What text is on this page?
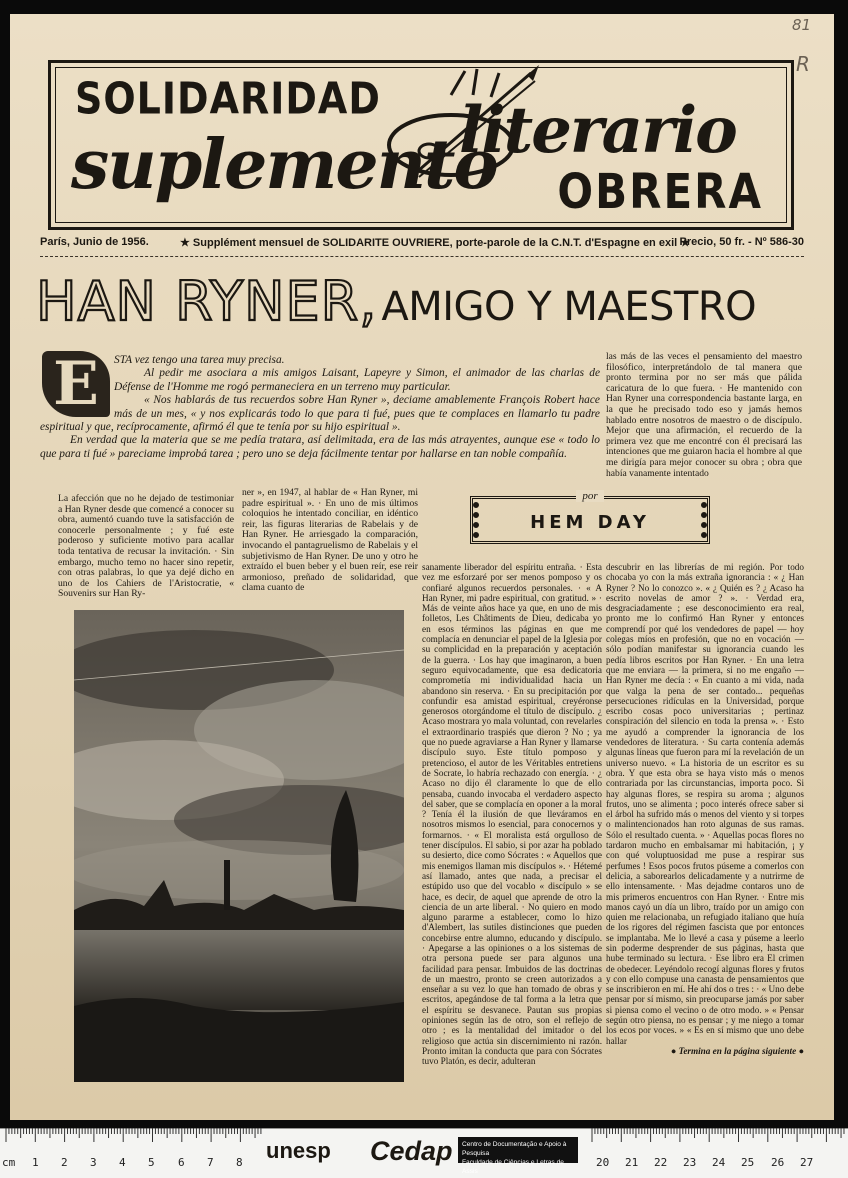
81
R
SOLIDARIDAD
suplemento
literario
OBRERA
París, Junio de 1956.	★ Supplément mensuel de SOLIDARITE OUVRIERE, porte-parole de la C.N.T. d'Espagne en exil ★
Precio, 50 fr. - Nº 586-30
HAN RYNER, AMIGO Y MAESTRO
E	STA vez tengo una tarea muy precisa.

Al pedir me asociara a mis amigos Laisant, Lapeyre y Simon, el animador de las charlas de Défense de l'Homme me rogó permaneciera en un terreno muy particular.

« Nos hablarás de tus recuerdos sobre Han Ryner », deciame amablemente François Robert hace más de un mes, « y nos explicarás todo lo que para ti fué, pues que te complaces en llamarlo tu padre espiritual y que, recíprocamente, afirmó él que te tenía por su hijo espiritual ».

En verdad que la materia que se me pedía tratara, así delimitada, era de las más atrayentes, aunque ese « todo lo que para ti fué » pareciame improbá tarea ; pero uno se deja fácilmente tentar por hallarse en tan noble compañía.

las más de las veces el pensamiento del maestro filosófico, interpretándolo de tal manera que pronto termina por no ser más que pálida caricatura de lo que fuera. · He mantenido con Han Ryner una correspondencia bastante larga, en la que he precisado todo eso y jamás hemos hablado entre nosotros de maestro o de discípulo. Mejor que una afirmación, el recuerdo de la primera vez que me encontré con él precisará las intenciones que me guiaron hacia el hombre al que me dirigía para mejor conocer su obra ; obra que había vanamente intentado

por
HEM DAY

La afección que no he dejado de testimoniar a Han Ryner desde que comencé a conocer su obra, aumentó cuando tuve la satisfacción de conocerle personalmente ; y fué este poderoso y suficiente motivo para acallar toda tentativa de recusar la invitación. · Sin embargo, mucho temo no hacer sino repetir, con otras palabras, lo que ya dejé dicho en uno de los Cahiers de l'Aristocratie, « Souvenirs sur Han Ry-

ner », en 1947, al hablar de « Han Ryner, mi padre espiritual ». · En uno de mis últimos coloquios he intentado conciliar, en idéntico reir, las figuras literarias de Rabelais y de Han Ryner. He arriesgado la comparación, invocando el pantagruelismo de Rabelais y el subjetivismo de Han Ryner. De uno y otro he extraído el buen beber y el buen reír, ese reir armonioso, preñado de solidaridad, que clama cuanto de

sanamente liberador del espíritu entraña. · Esta vez me esforzaré por ser menos pomposo y os confiaré algunos recuerdos personales. · « A Han Ryner, mi padre espiritual, con gratitud. » · Más de veinte años hace ya que, en uno de mis folletos, Les Châtiments de Dieu, dedicaba yo en esos términos las páginas en que me complacía en denunciar el papel de la Iglesia por su complicidad en la preparación y aceptación de la guerra. · Los hay que imaginaron, a buen seguro equivocadamente, que esa dedicatoria comprometía mi individualidad hacia un abandono sin reserva. · En su precipitación por confundir esa amistad espiritual, creyéronse generosos otorgándome el título de discípulo. ¿ Acaso mostrara yo mala voluntad, con revelarles el extraordinario traspiés que dieron ? No ; ya que no puede agraviarse a Han Ryner y llamarse discípulo suyo. Este título pomposo y pretencioso, el autor de les Véritables entretiens de Socrate, lo habría rechazado con energía. · ¿ Acaso no dijo él claramente lo que de ello pensaba, cuando invocaba el verdadero aspecto del saber, que se complacía en oponer a la moral ? Tenía él la ilusión de que lleváramos en nosotros mismos lo esencial, para conocernos y formarnos. · « El moralista está orgulloso de tener discípulos. El sabio, si por azar ha poblado su desierto, dice como Sócrates : « Aquellos que mis enemigos llaman mis discípulos ». · Hétemé así llamado, antes que nada, a precisar el estúpido uso que del vocablo « discípulo » se hace, es decir, de aquel que aprende de otro la ciencia de un arte liberal. · No quiero en modo alguno pararme a establecer, como lo hizo d'Alembert, las sutiles distinciones que pueden concebirse entre alumno, educando y discípulo. · Apegarse a las opiniones o a los sistemas de otra persona puede ser para algunos una facilidad para pensar. Imbuidos de las doctrinas de un maestro, pronto se creen autorizados a enseñar a su vez lo que han tomado de obras y escritos, apegándose de tal forma a la letra que el espíritu se desvanece. Pautan sus propias opiniones según las de otro, son el reflejo de otro ; es la mentalidad del imitador o del religioso que actúa sin discernimiento ni razón. Pronto imitan la conducta que para con Sócrates tuvo Platón, es decir, adulteran

descubrir en las librerías de mi región. Por todo chocaba yo con la más extraña ignorancia : « ¿ Han Ryner ? No lo conozco ». « ¿ Quién es ? ¿ Acaso ha escrito novelas de amor ? ». · Verdad era, desgraciadamente ; ese desconocimiento era real, pronto me lo confirmó Han Ryner y entonces comprendí por qué los vendedores de papel — hoy colegas míos en profesión, que no en vocación — sólo podían manifestar su ignorancia cuando les pedía libros escritos por Han Ryner. · En una letra que me enviara — la primera, si no me engaño — Han Ryner me decía : « En cuanto a mi vida, nada que valga la pena de ser contado... pequeñas persecuciones ridículas en la Universidad, porque escribo cosas poco universitarias ; pertinaz conspiración del silencio en toda la prensa ». · Esto me ayudó a comprender la ignorancia de los vendedores de literatura. · Su carta contenía además algunas líneas que fueron para mí la revelación de un universo nuevo. « La historia de un escritor es su obra. Y que esta obra se haya visto más o menos contrariada por las circunstancias, importa poco. Si hay algunas flores, se respira su aroma ; algunos frutos, uno se alimenta ; poco interés ofrece saber si el árbol ha sufrido más o menos del viento y si torpes o malintencionados han roto algunas de sus ramas. Sólo el resultado cuenta. » · Aquellas pocas flores no tardaron mucho en embalsamar mi habitación, ¡ y con qué voluptuosidad me puse a respirar sus perfumes ! Esos pocos frutos púseme a comerlos con delicia, a saborearlos delicadamente y a nutrirme de ello intensamente. · Mas dejadme contaros uno de mis primeros encuentros con Han Ryner. · Entre mis manos cayó un día un libro, traído por un amigo con quien me relacionaba, un refugiado italiano que huía de los rigores del régimen fascista que por entonces se implantaba. Me lo llevé a casa y púseme a leerlo sin poderme desprender de sus páginas, hasta que hube terminado su lectura. · Ese libro era El crimen de obedecer. Leyéndolo recogí algunas flores y frutos y con ello compuse una canasta de pensamientos que se inscribieron en mí. He ahí dos o tres : · « Uno debe pensar por sí mismo, sin preocuparse jamás por saber si piensa como el vecino o de otro modo. » « Pensar según otro piensa, no es pensar ; y me niego a tomar los ecos por voces. » « Es en sí mismo que uno debe hallar

● Termina en la página siguiente ●

cm 1 2 3 4 5 6 7 8 unesp Cedap Centro de Documentação e Apoio à Pesquisa
Faculdade de Ciências e Letras de Assis
20 21 22 23 24 25 26 27
